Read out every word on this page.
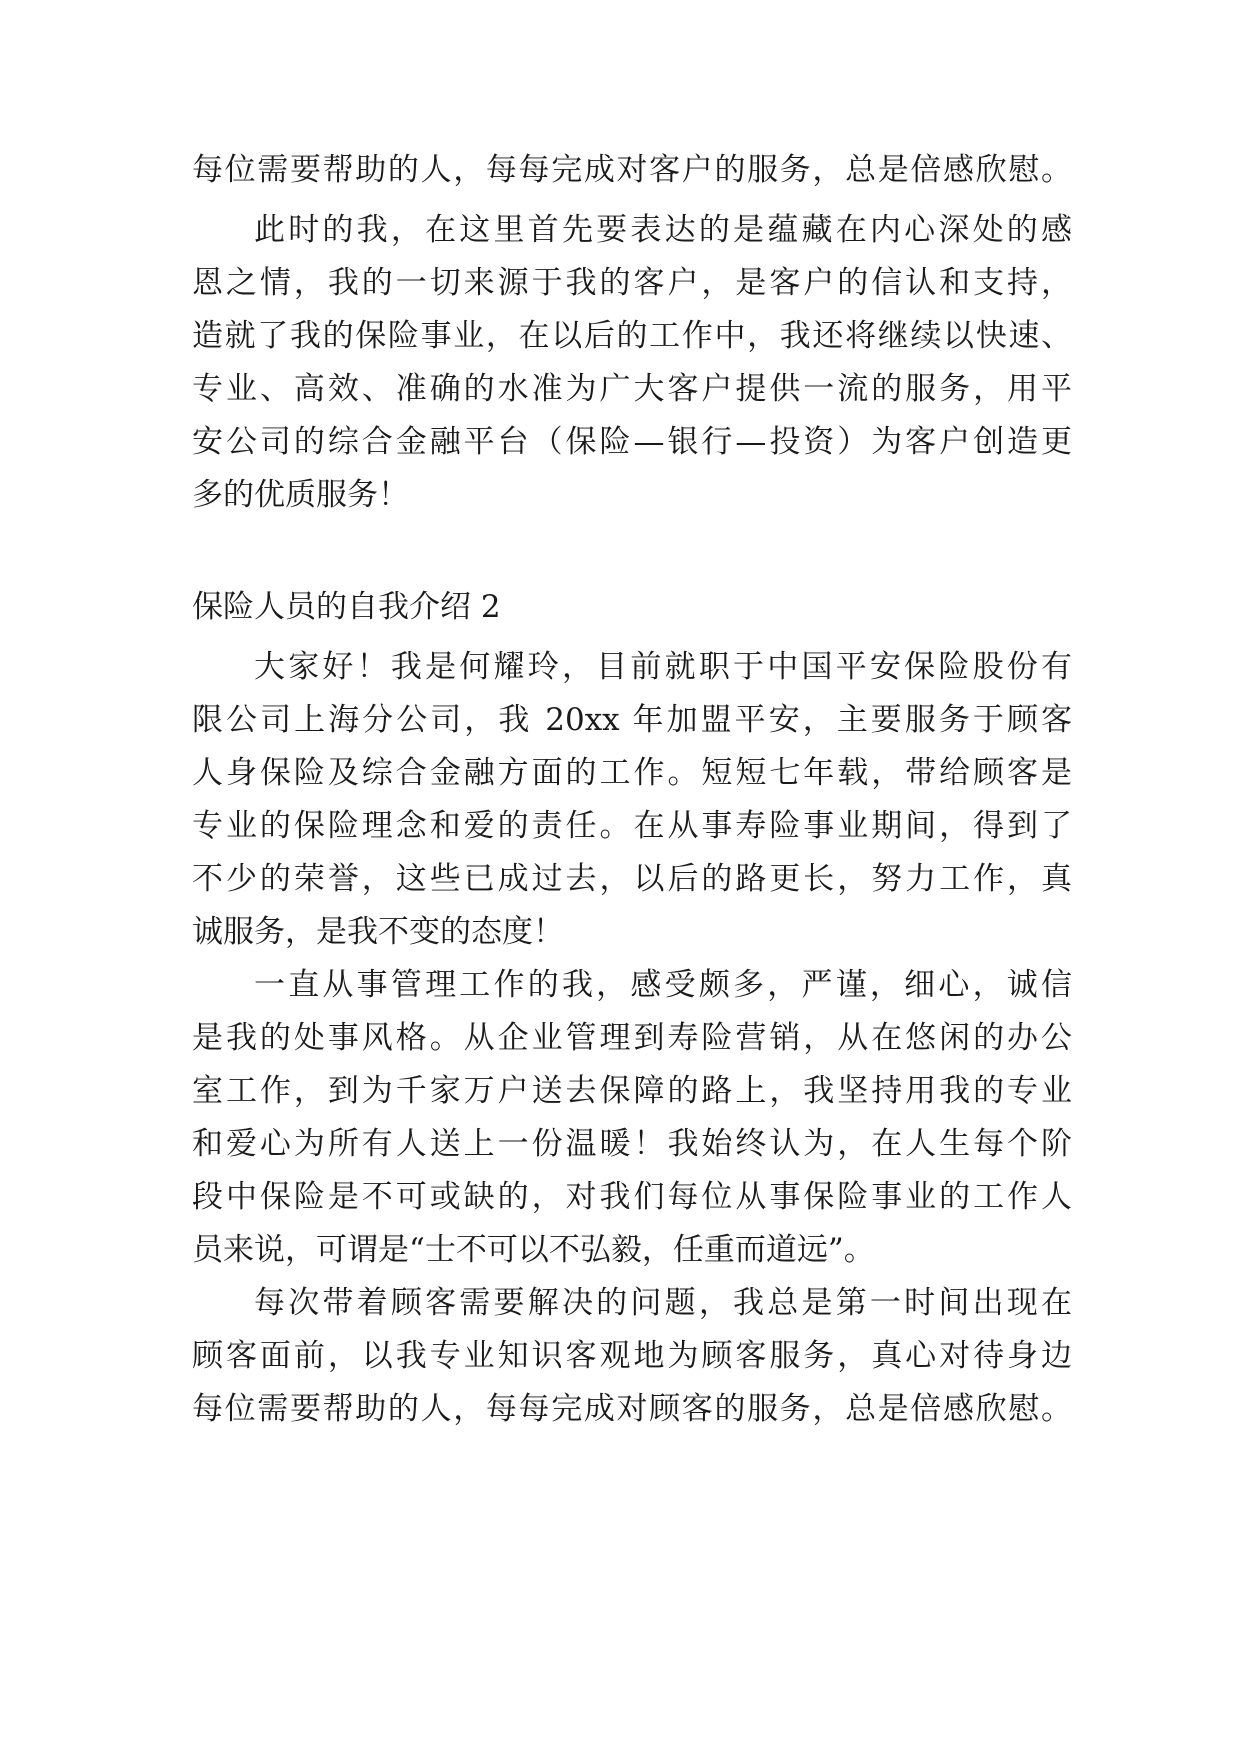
每位需要帮助的人，每每完成对客户的服务，总是倍感欣慰。
此时的我，在这里首先要表达的是蕴藏在内心深处的感
恩之情，我的一切来源于我的客户，是客户的信认和支持，
造就了我的保险事业，在以后的工作中，我还将继续以快速、
专业、高效、准确的水准为广大客户提供一流的服务，用平
安公司的综合金融平台（保险—银行—投资）为客户创造更
多的优质服务！
保险人员的自我介绍 2
大家好！我是何耀玲，目前就职于中国平安保险股份有
限公司上海分公司，我 20xx 年加盟平安，主要服务于顾客
人身保险及综合金融方面的工作。短短七年载，带给顾客是
专业的保险理念和爱的责任。在从事寿险事业期间，得到了
不少的荣誉，这些已成过去，以后的路更长，努力工作，真
诚服务，是我不变的态度！
一直从事管理工作的我，感受颇多，严谨，细心，诚信
是我的处事风格。从企业管理到寿险营销，从在悠闲的办公
室工作，到为千家万户送去保障的路上，我坚持用我的专业
和爱心为所有人送上一份温暖！我始终认为，在人生每个阶
段中保险是不可或缺的，对我们每位从事保险事业的工作人
员来说，可谓是“士不可以不弘毅，任重而道远”。
每次带着顾客需要解决的问题，我总是第一时间出现在
顾客面前，以我专业知识客观地为顾客服务，真心对待身边
每位需要帮助的人，每每完成对顾客的服务，总是倍感欣慰。
